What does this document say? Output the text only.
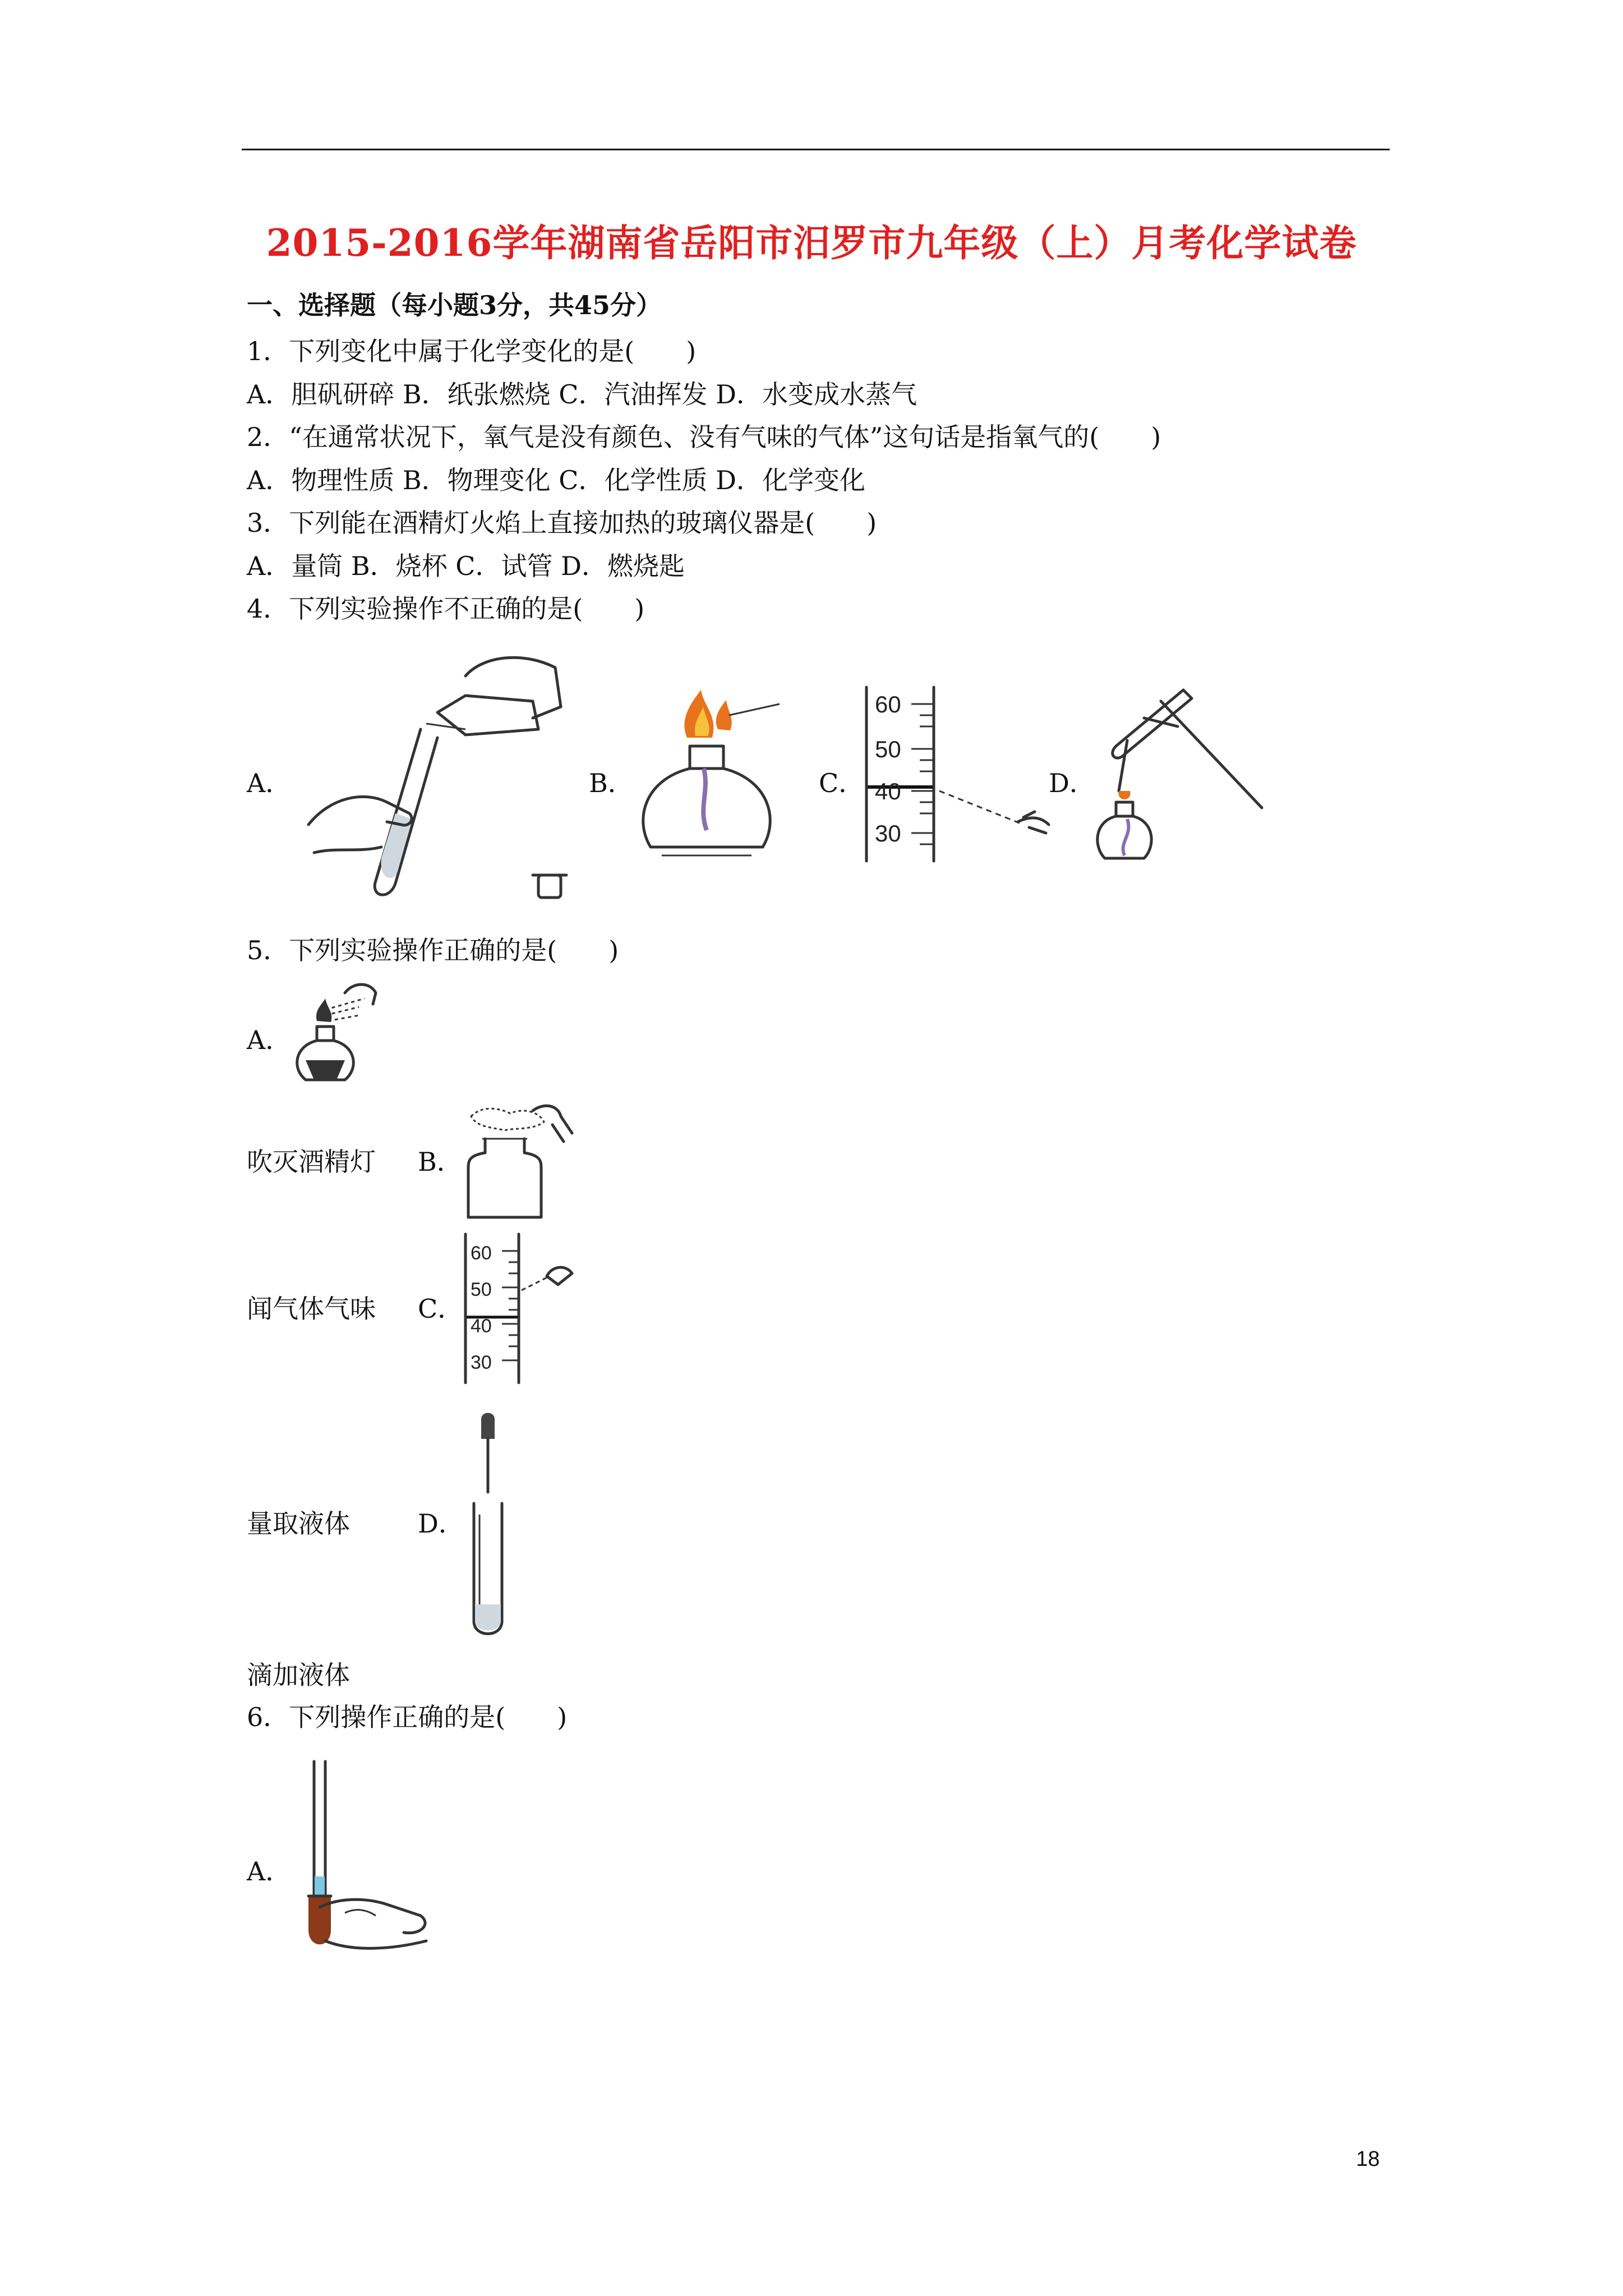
2015-2016学年湖南省岳阳市汨罗市九年级（上）月考化学试卷
一、选择题（每小题3分，共45分）
1．下列变化中属于化学变化的是(　　)
A．胆矾研碎 B．纸张燃烧 C．汽油挥发 D．水变成水蒸气
2．“在通常状况下，氧气是没有颜色、没有气味的气体”这句话是指氧气的(　　)
A．物理性质 B．物理变化 C．化学性质 D．化学变化
3．下列能在酒精灯火焰上直接加热的玻璃仪器是(　　)
A．量筒 B．烧杯 C．试管 D．燃烧匙
4．下列实验操作不正确的是(　　)
A．	B．	C．
60
50
40
30
D．
5．下列实验操作正确的是(　　)
A．
吹灭酒精灯 B．
闻气体气味 C．
60
50
40
30
量取液体	D．
滴加液体
6．下列操作正确的是(　　)
A．
18
